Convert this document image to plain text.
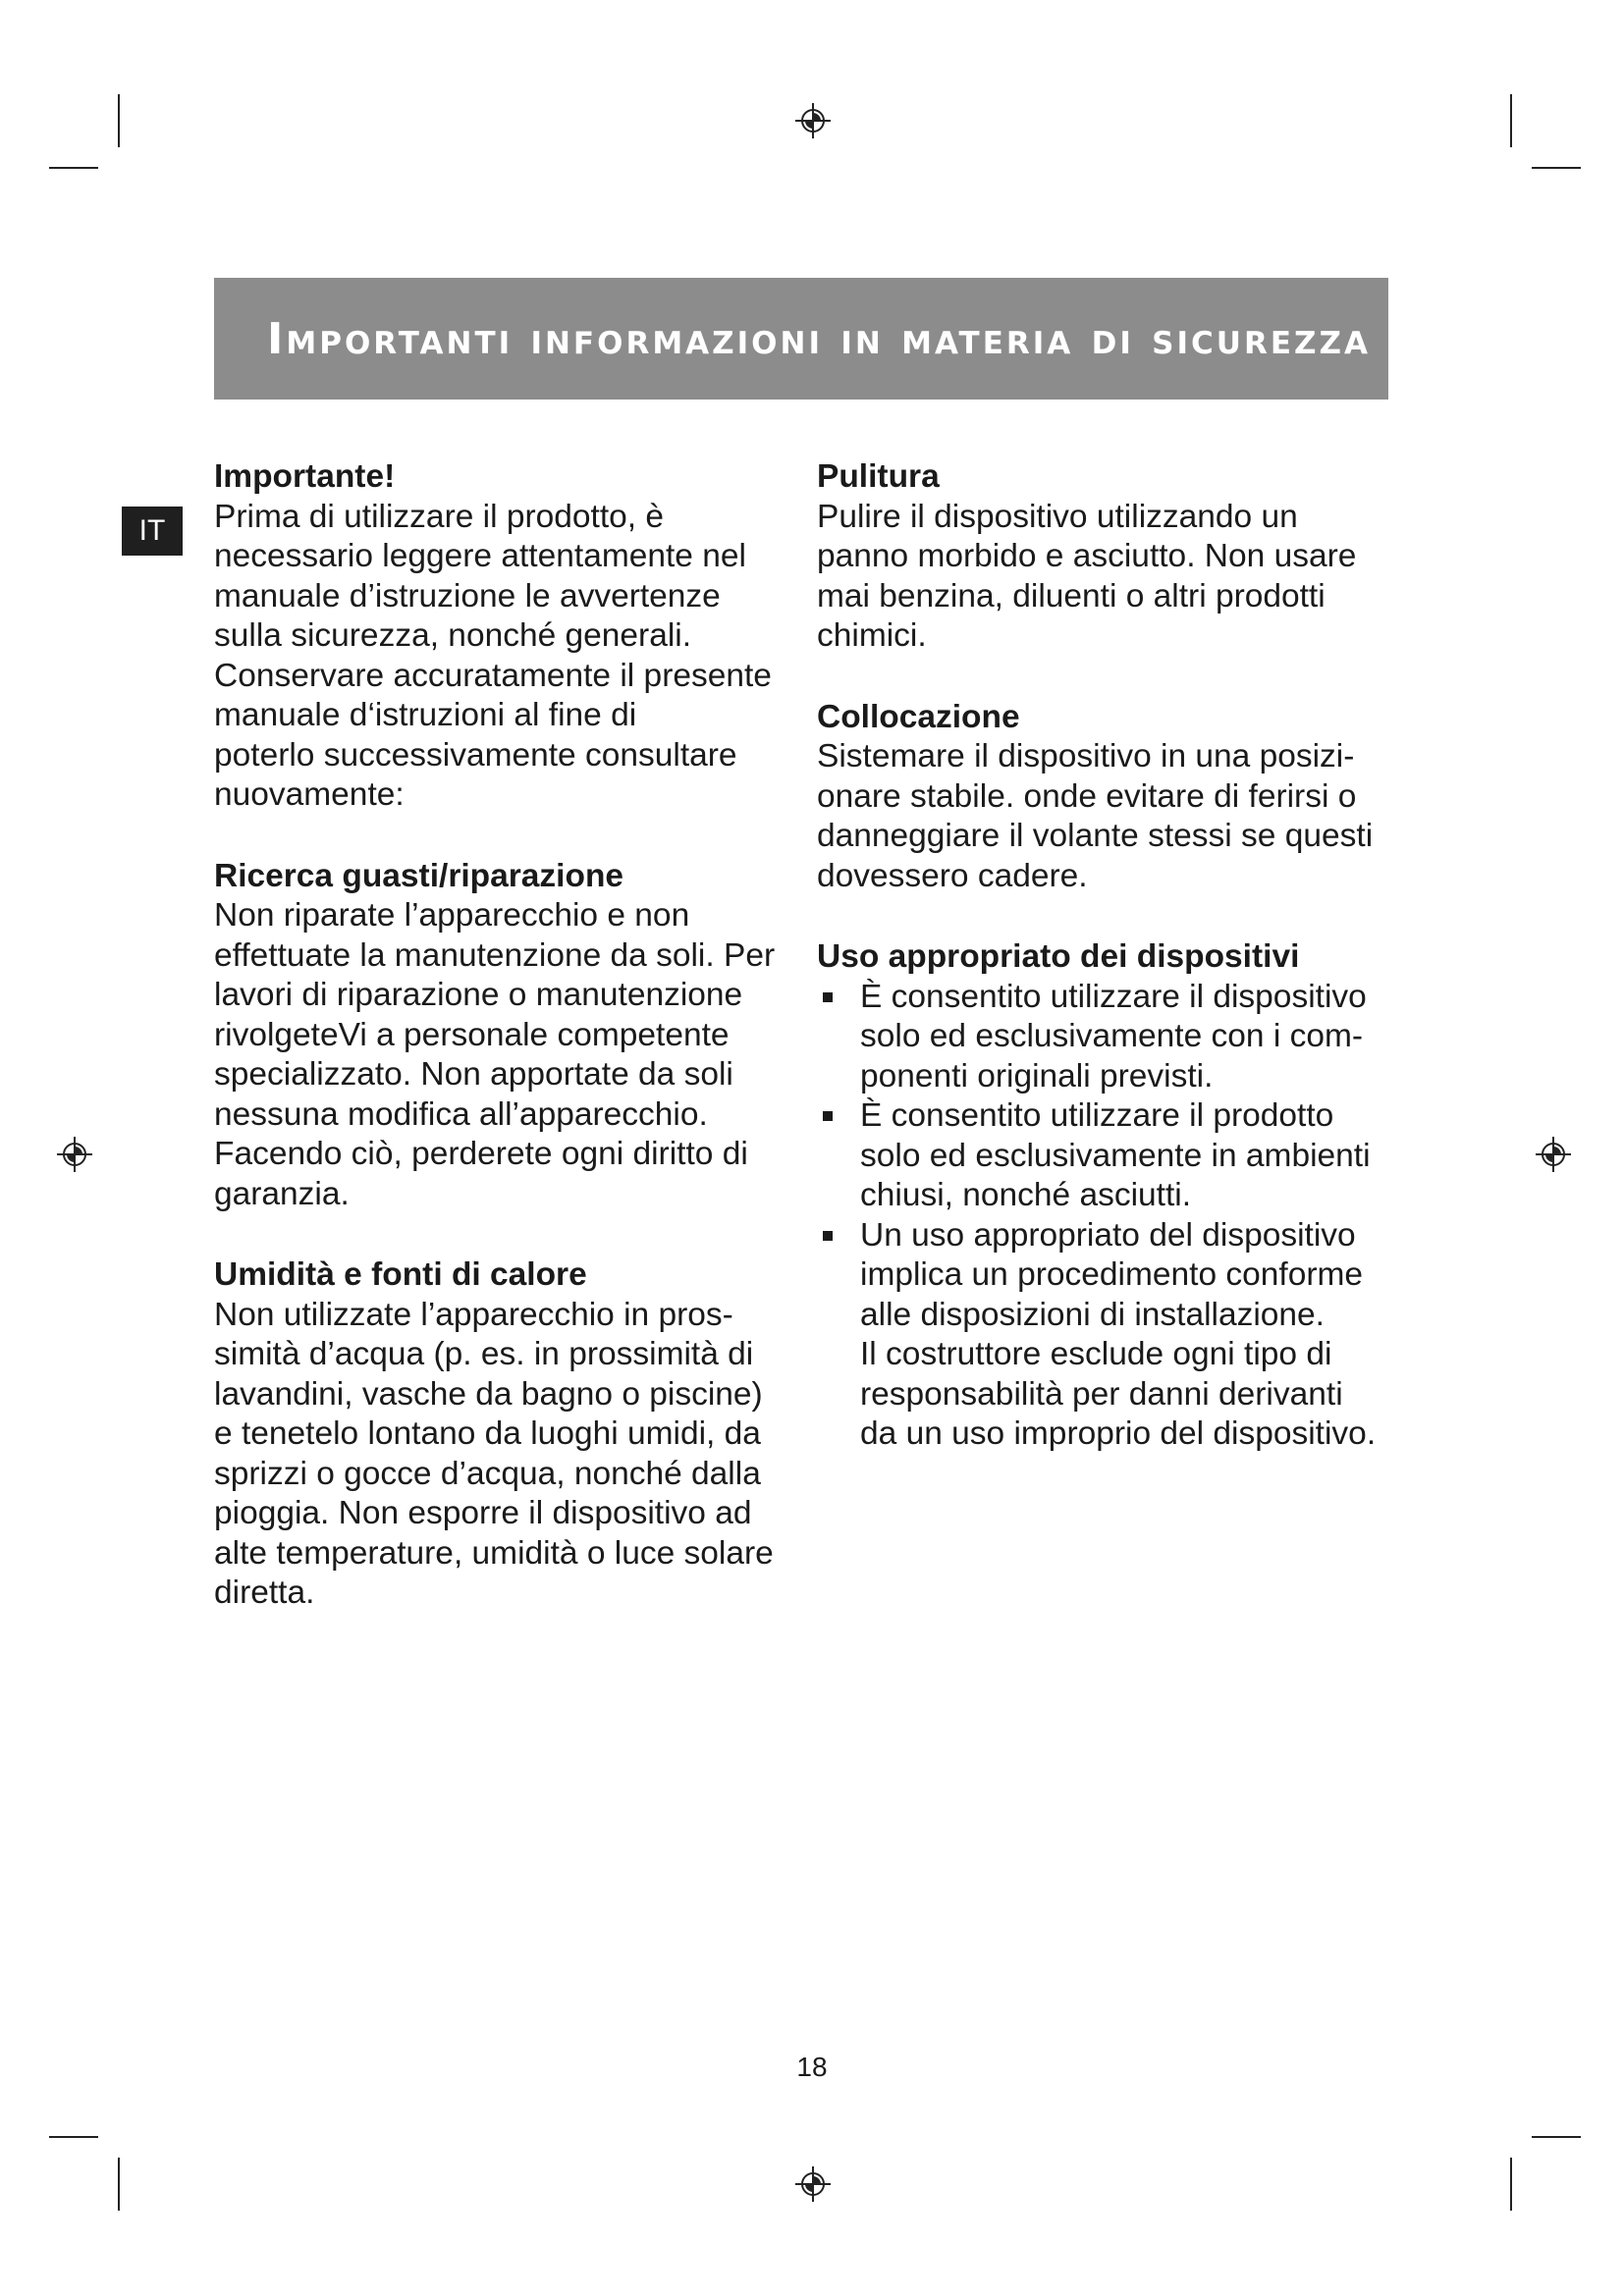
Importanti informazioni in materia di sicurezza
IT
Importante!

Prima di utilizzare il prodotto, è
necessario leggere attentamente nel
manuale d’istruzione le avvertenze
sulla sicurezza, nonché generali.
Conservare accuratamente il presente
manuale d‘istruzioni al fine di
poterlo successivamente consultare
nuovamente:

Ricerca guasti/riparazione

Non riparate l’apparecchio e non
effettuate la manutenzione da soli. Per
lavori di riparazione o manutenzione
rivolgeteVi a personale competente
specializzato. Non apportate da soli
nessuna modifica all’apparecchio.
Facendo ciò, perderete ogni diritto di
garanzia.

Umidità e fonti di calore

Non utilizzate l’apparecchio in pros-
simità d’acqua (p. es. in prossimità di
lavandini, vasche da bagno o piscine)
e tenetelo lontano da luoghi umidi, da
sprizzi o gocce d’acqua, nonché dalla
pioggia. Non esporre il dispositivo ad
alte temperature, umidità o luce solare
diretta.

Pulitura

Pulire il dispositivo utilizzando un
panno morbido e asciutto. Non usare
mai benzina, diluenti o altri prodotti
chimici.

Collocazione

Sistemare il dispositivo in una posizi-
onare stabile. onde evitare di ferirsi o
danneggiare il volante stessi se questi
dovessero cadere.

Uso appropriato dei dispositivi
È consentito utilizzare il dispositivo
solo ed esclusivamente con i com-
ponenti originali previsti.
È consentito utilizzare il prodotto
solo ed esclusivamente in ambienti
chiusi, nonché asciutti.
Un uso appropriato del dispositivo
implica un procedimento conforme
alle disposizioni di installazione.
Il costruttore esclude ogni tipo di
responsabilità per danni derivanti
da un uso improprio del dispositivo.
18
